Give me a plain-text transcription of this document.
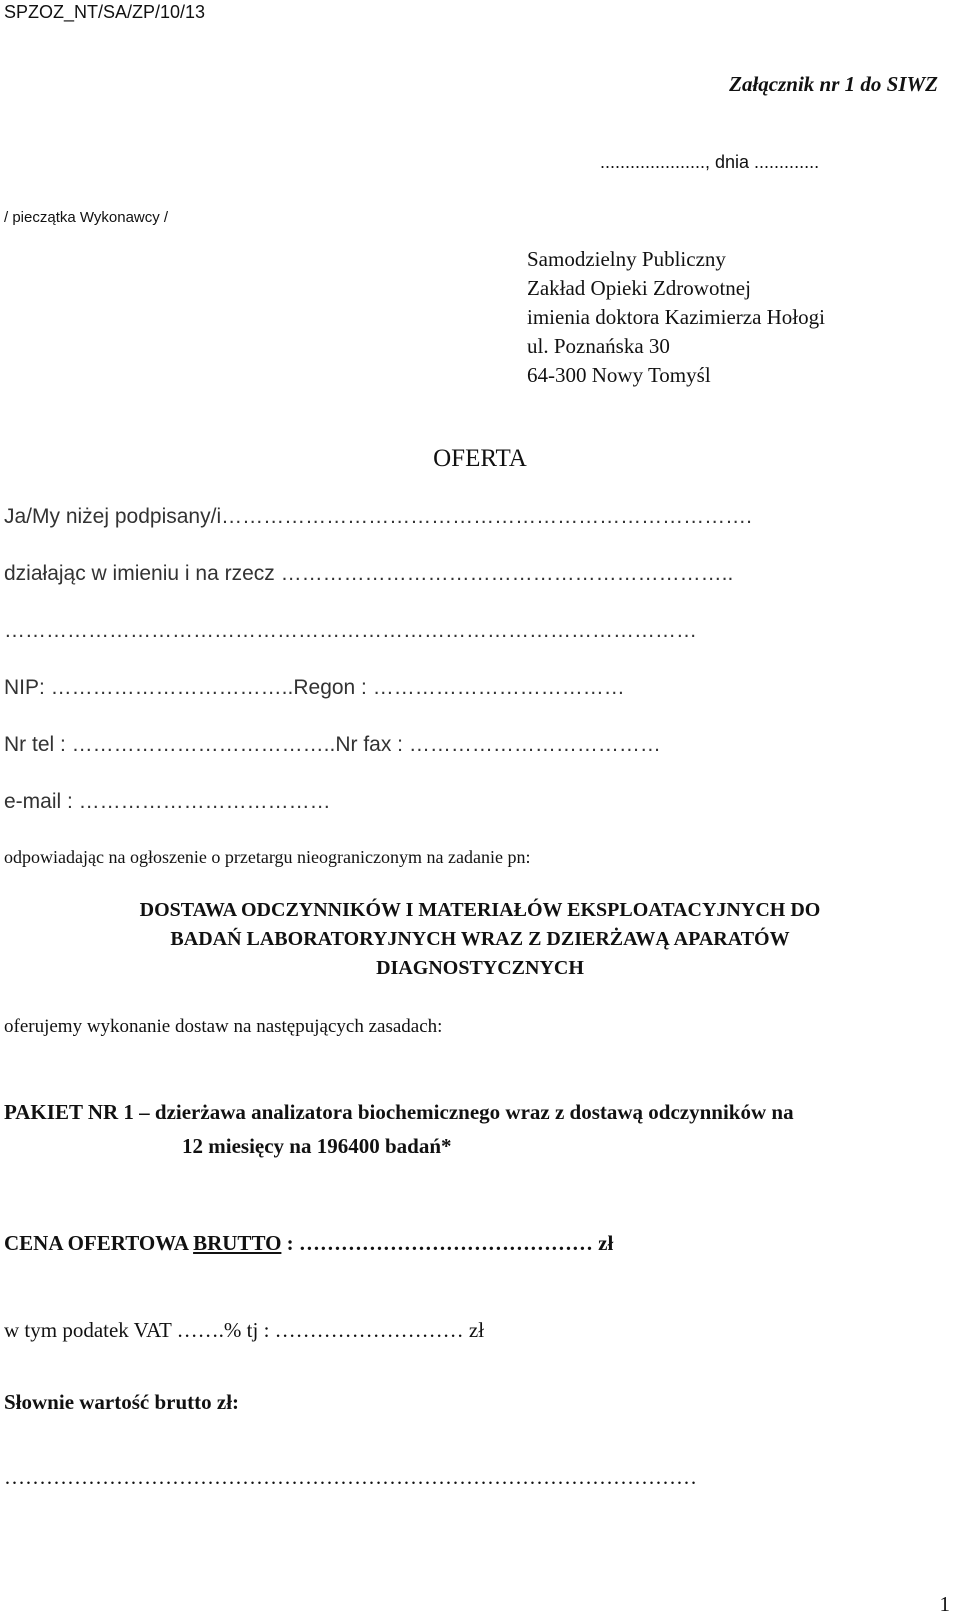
SPZOZ_NT/SA/ZP/10/13
Załącznik nr 1 do SIWZ
....................., dnia .............
/ pieczątka Wykonawcy /
Samodzielny Publiczny
Zakład Opieki Zdrowotnej
imienia doktora Kazimierza Hołogi
ul. Poznańska 30
64-300 Nowy Tomyśl
OFERTA
Ja/My niżej podpisany/i………………………………………………………………….
działając w imieniu i na rzecz ………………………………………………………..
………………………………………………………………………………………
NIP: ……………………………..Regon : ………………………………
Nr tel : ………………………………..Nr fax : ………………………………
e-mail : ………………………………
odpowiadając na ogłoszenie o przetargu nieograniczonym na zadanie pn:
DOSTAWA ODCZYNNIKÓW I MATERIAŁÓW EKSPLOATACYJNYCH DO
BADAŃ LABORATORYJNYCH WRAZ Z DZIERŻAWĄ APARATÓW
DIAGNOSTYCZNYCH
oferujemy wykonanie dostaw na następujących zasadach:
PAKIET NR 1 – dzierżawa analizatora biochemicznego wraz z dostawą odczynników na
12 miesięcy na 196400 badań*
CENA OFERTOWA BRUTTO : …………………………………… zł
w tym podatek VAT …….% tj : ……………………… zł
Słownie wartość brutto zł:
………………………………………………………………………………………
1
